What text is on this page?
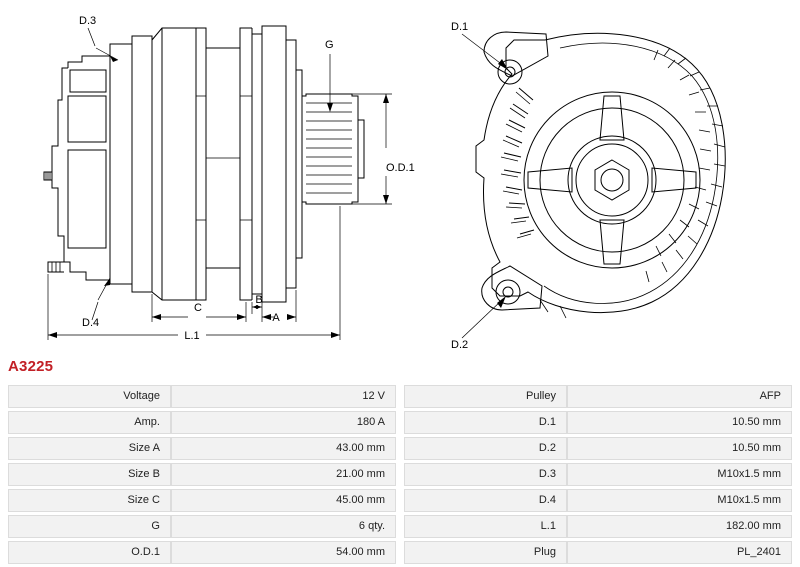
D.3
D.4
G
O.D.1
A
B
C
L.1
D.1
D.2
A3225
Voltage	12 V
Amp.	180 A
Size A	43.00 mm
Size B	21.00 mm
Size C	45.00 mm
G	6 qty.
O.D.1	54.00 mm
Pulley	AFP
D.1	10.50 mm
D.2	10.50 mm
D.3	M10x1.5 mm
D.4	M10x1.5 mm
L.1	182.00 mm
Plug	PL_2401
